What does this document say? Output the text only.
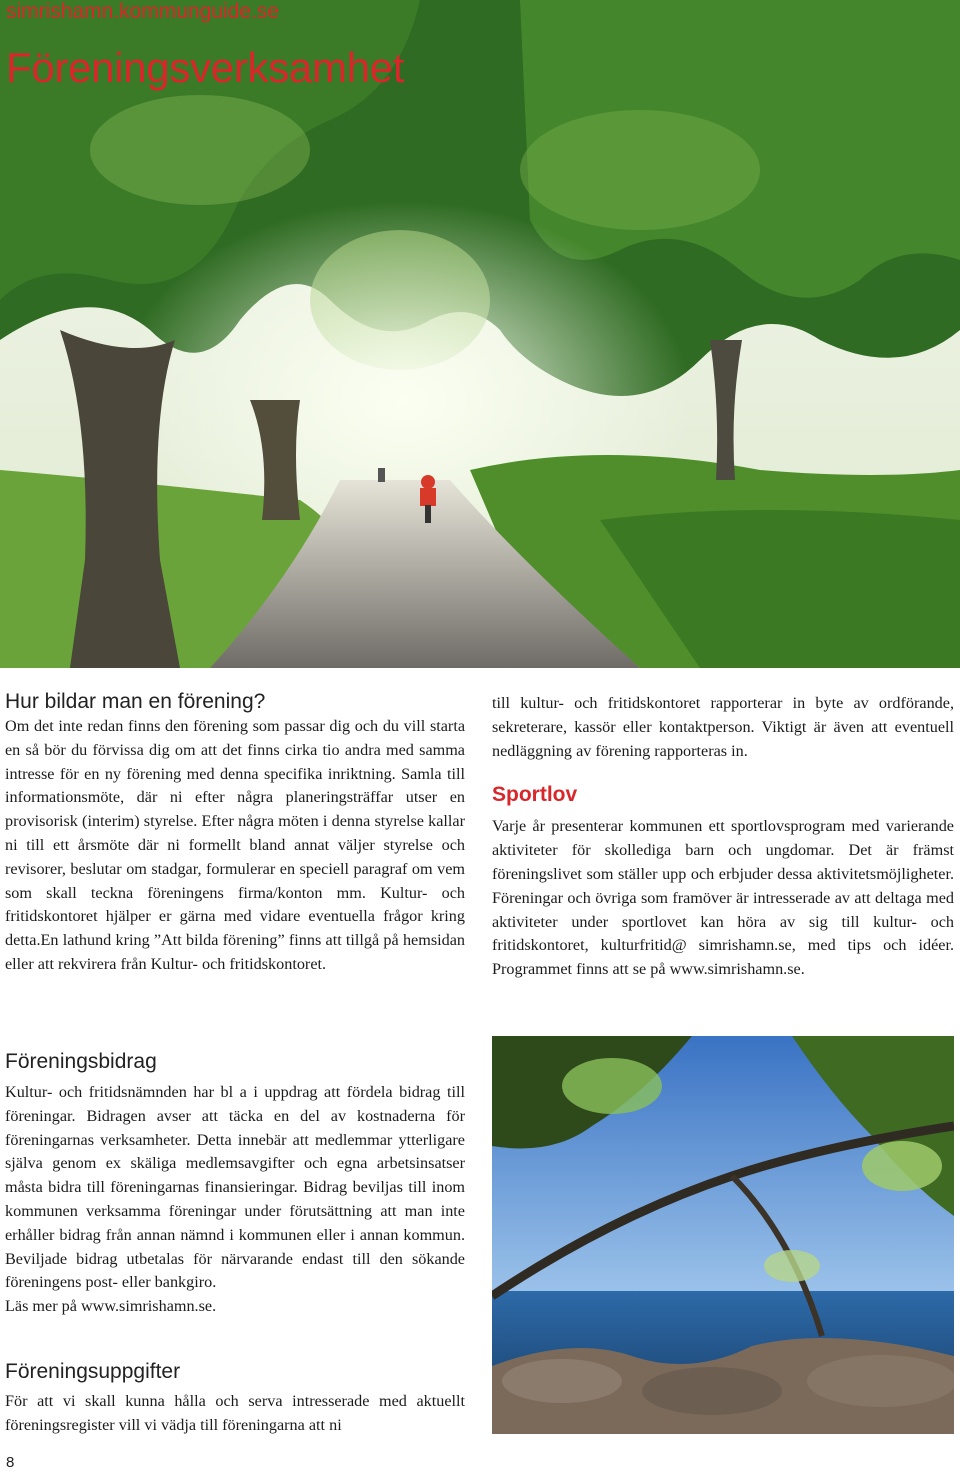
simrishamn.kommunguide.se
Föreningsverksamhet
Hur bildar man en förening?

Om det inte redan finns den förening som passar dig och du vill starta en så bör du förvissa dig om att det finns cirka tio andra med samma intresse för en ny förening med denna specifika inriktning. Samla till informationsmöte, där ni efter några planeringsträffar utser en provisorisk (interim) styrelse. Efter några möten i denna styrelse kallar ni till ett årsmöte där ni formellt bland annat väljer styrelse och revisorer, beslutar om stadgar, formulerar en speciell paragraf om vem som skall teckna föreningens firma/konton mm. Kultur- och fritidskontoret hjälper er gärna med vidare eventuella frågor kring detta.En lathund kring ”Att bilda förening” finns att tillgå på hemsidan eller att rekvirera från Kultur- och fritidskontoret.

Föreningsbidrag

Kultur- och fritidsnämnden har bl a i uppdrag att fördela bidrag till föreningar. Bidragen avser att täcka en del av kostnaderna för föreningarnas verksamheter. Detta innebär att medlemmar ytterligare själva genom ex skäliga medlemsavgifter och egna arbetsinsatser måsta bidra till föreningarnas finansieringar. Bidrag beviljas till inom kommunen verksamma föreningar under förutsättning att man inte erhåller bidrag från annan nämnd i kommunen eller i annan kommun. Beviljade bidrag utbetalas för närvarande endast till den sökande föreningens post- eller bankgiro.

Läs mer på www.simrishamn.se.

Föreningsuppgifter

För att vi skall kunna hålla och serva intresserade med aktuellt föreningsregister vill vi vädja till föreningarna att ni

till kultur- och fritidskontoret rapporterar in byte av ordförande, sekreterare, kassör eller kontaktperson. Viktigt är även att eventuell nedläggning av förening rapporteras in.

Sportlov

Varje år presenterar kommunen ett sportlovsprogram med varierande aktiviteter för skollediga barn och ungdomar. Det är främst föreningslivet som ställer upp och erbjuder dessa aktivitetsmöjligheter. Föreningar och övriga som framöver är intresserade av att deltaga med aktiviteter under sportlovet kan höra av sig till kultur- och fritidskontoret, kulturfritid@ simrishamn.se, med tips och idéer. Programmet finns att se på www.simrishamn.se.

8
